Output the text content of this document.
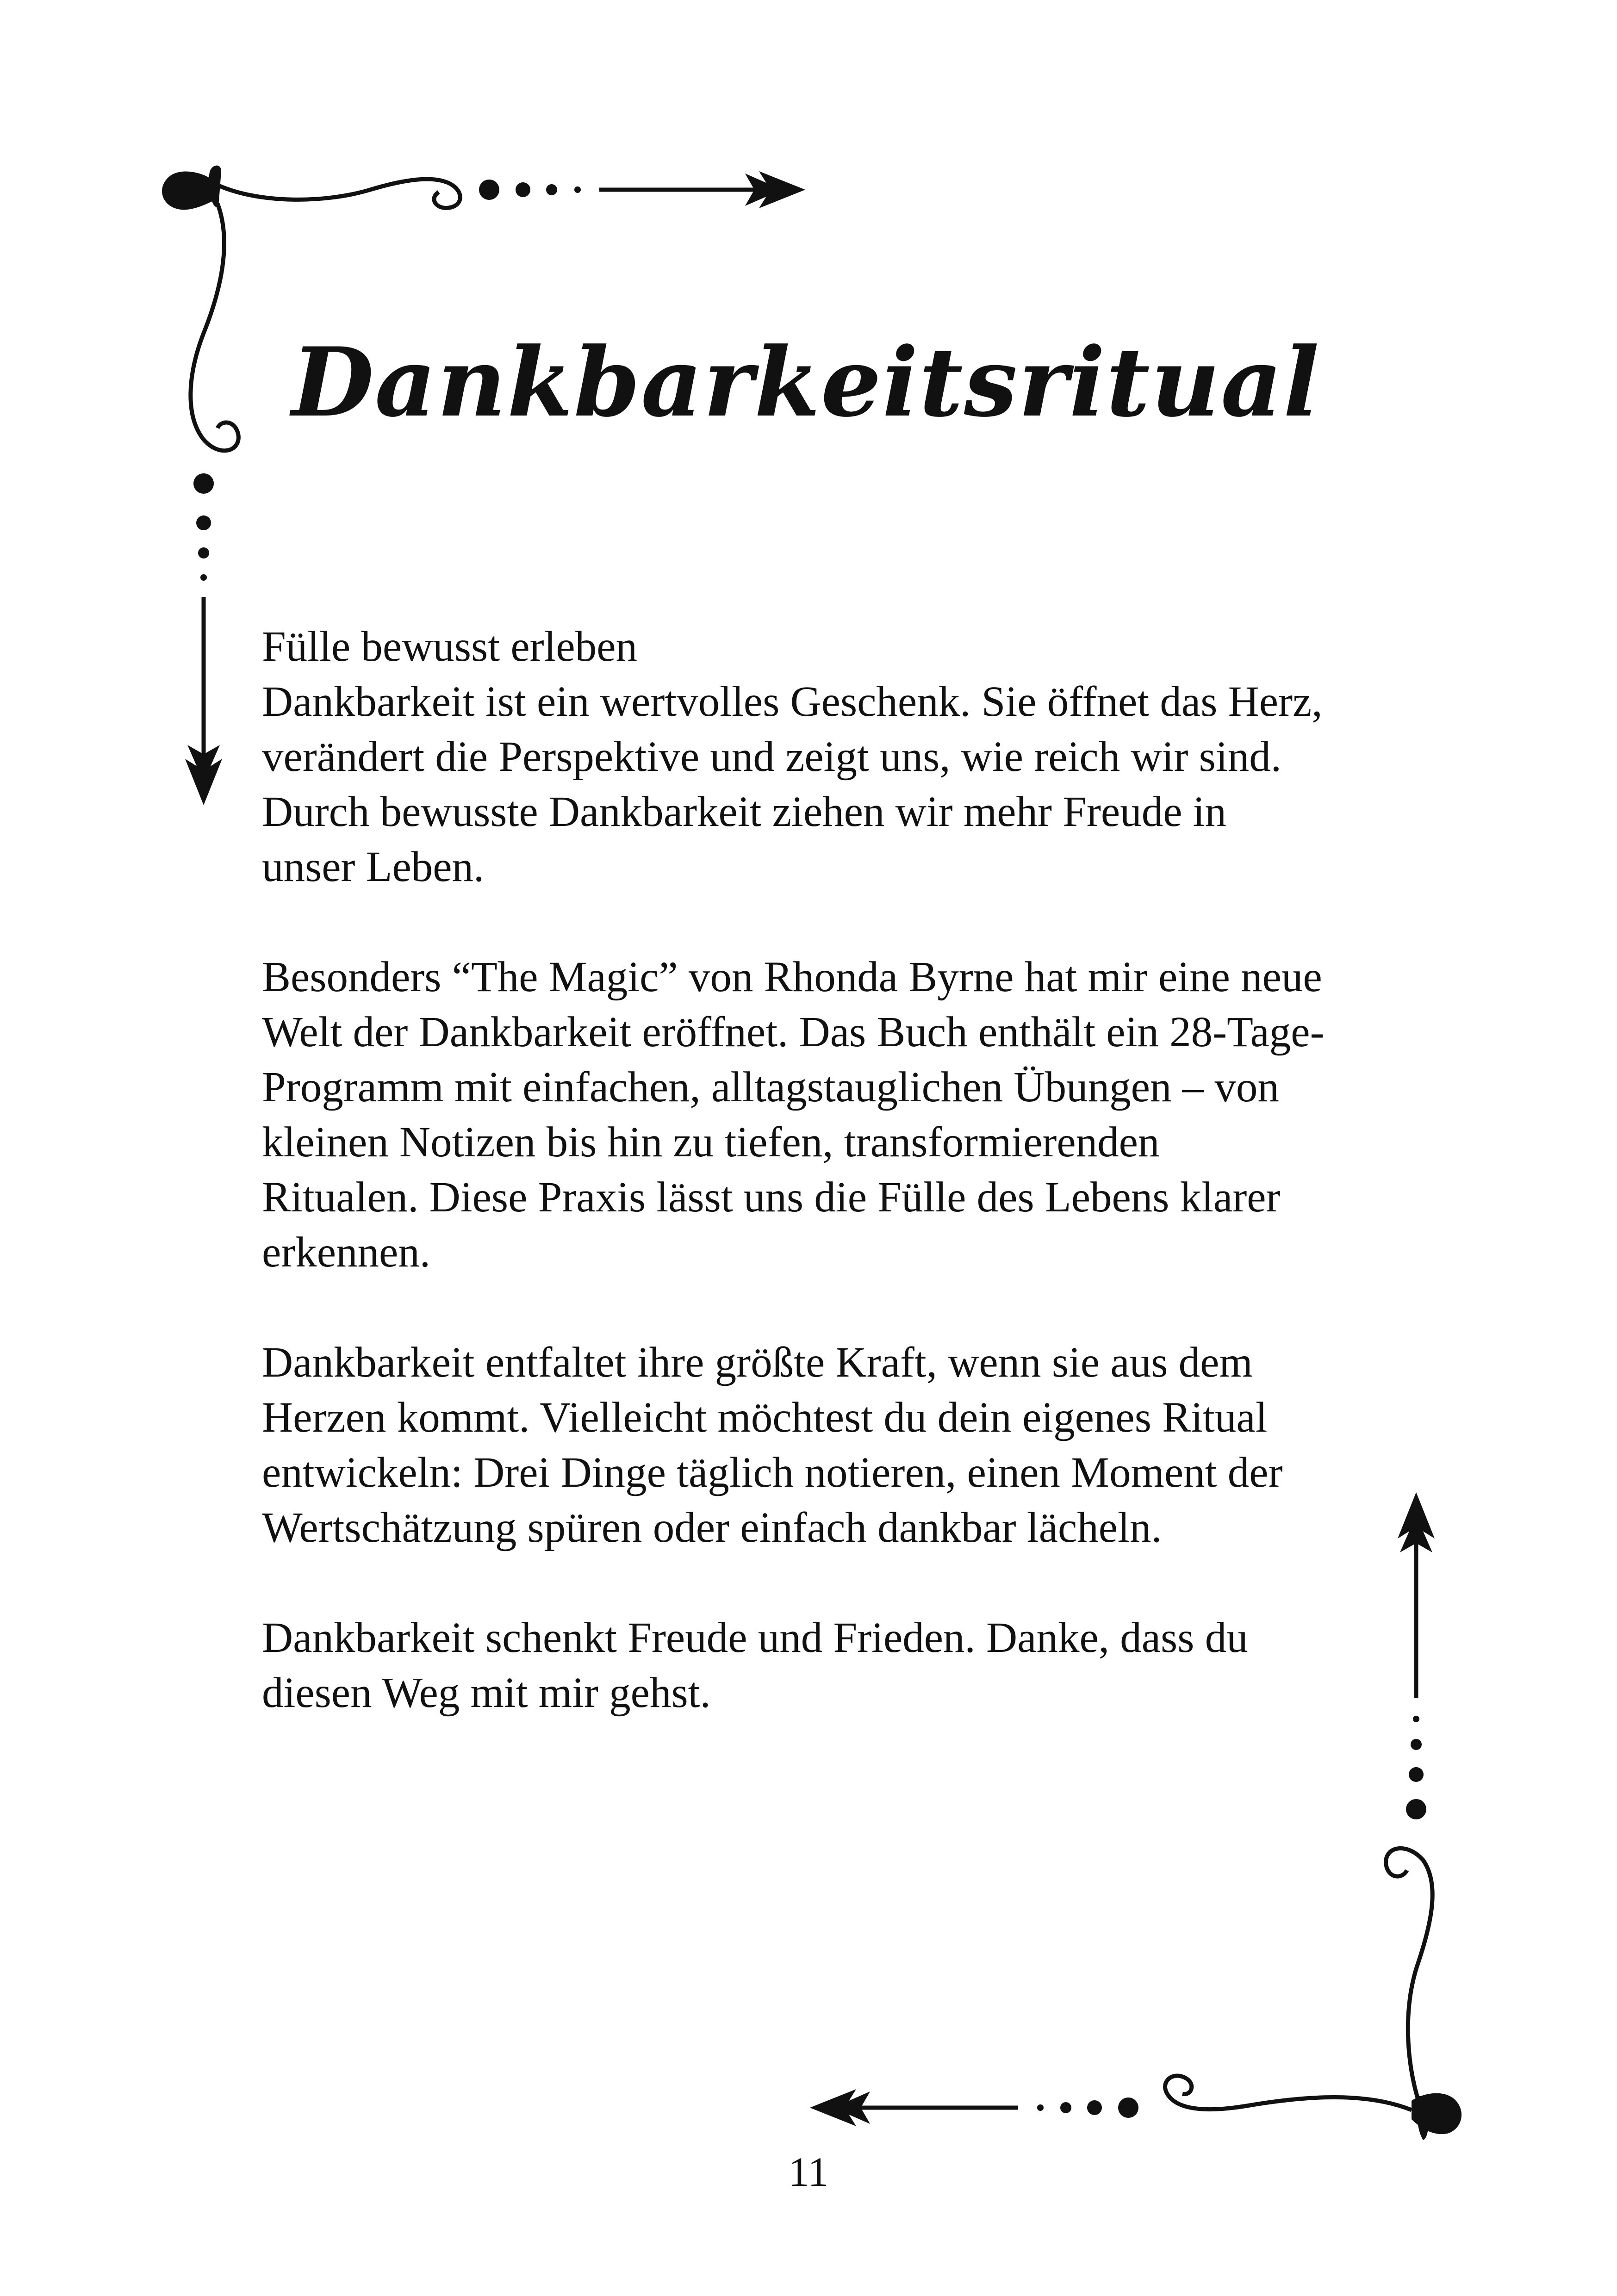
Dankbarkeitsritual
Fülle bewusst erleben

Dankbarkeit ist ein wertvolles Geschenk. Sie öffnet das Herz,
verändert die Perspektive und zeigt uns, wie reich wir sind.
Durch bewusste Dankbarkeit ziehen wir mehr Freude in
unser Leben.

Besonders “The Magic” von Rhonda Byrne hat mir eine neue
Welt der Dankbarkeit eröffnet. Das Buch enthält ein 28-Tage-
Programm mit einfachen, alltagstauglichen Übungen – von
kleinen Notizen bis hin zu tiefen, transformierenden
Ritualen. Diese Praxis lässt uns die Fülle des Lebens klarer
erkennen.

Dankbarkeit entfaltet ihre größte Kraft, wenn sie aus dem
Herzen kommt. Vielleicht möchtest du dein eigenes Ritual
entwickeln: Drei Dinge täglich notieren, einen Moment der
Wertschätzung spüren oder einfach dankbar lächeln.

Dankbarkeit schenkt Freude und Frieden. Danke, dass du
diesen Weg mit mir gehst.

11
